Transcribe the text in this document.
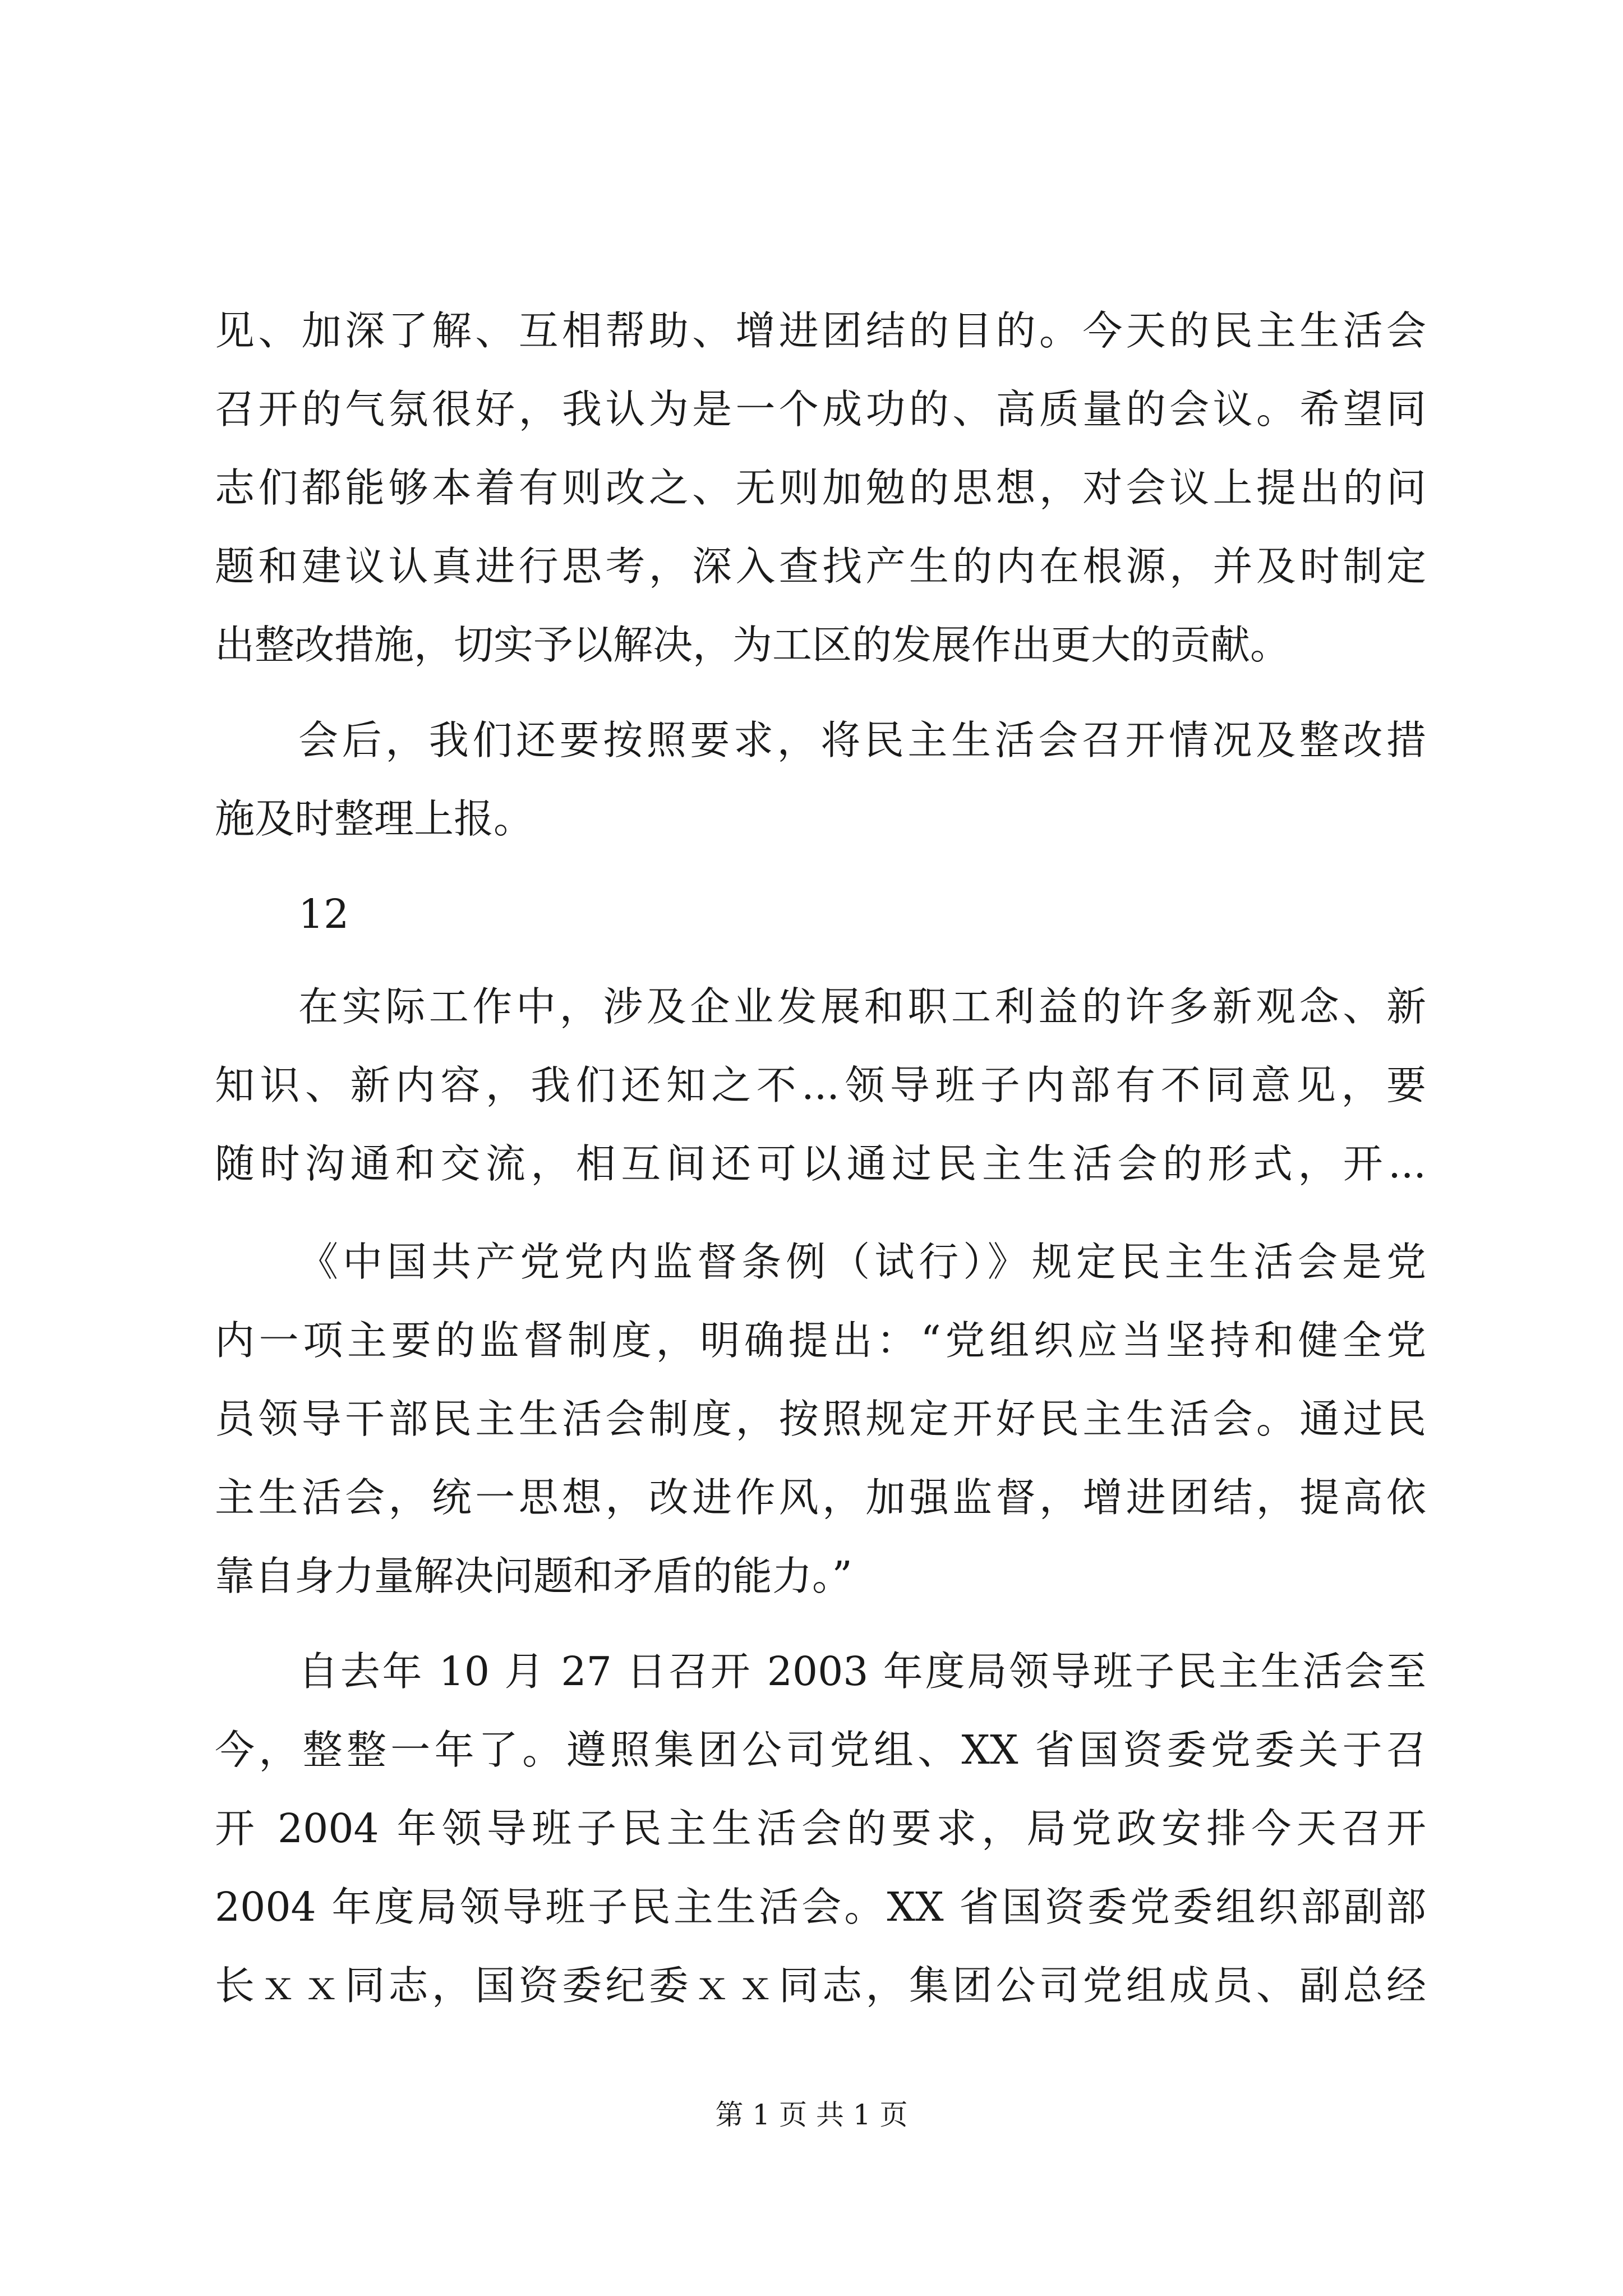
见、加深了解、互相帮助、增进团结的目的。今天的民主生活会
召开的气氛很好，我认为是一个成功的、高质量的会议。希望同
志们都能够本着有则改之、无则加勉的思想，对会议上提出的问
题和建议认真进行思考，深入查找产生的内在根源，并及时制定
出整改措施，切实予以解决，为工区的发展作出更大的贡献。
会后，我们还要按照要求，将民主生活会召开情况及整改措
施及时整理上报。
12
在实际工作中，涉及企业发展和职工利益的许多新观念、新
知识、新内容，我们还知之不...领导班子内部有不同意见，要
随时沟通和交流，相互间还可以通过民主生活会的形式，开...
《中国共产党党内监督条例（试行）》规定民主生活会是党
内一项主要的监督制度，明确提出：“党组织应当坚持和健全党
员领导干部民主生活会制度，按照规定开好民主生活会。通过民
主生活会，统一思想，改进作风，加强监督，增进团结，提高依
靠自身力量解决问题和矛盾的能力。”
自去年 10 月 27 日召开 2003 年度局领导班子民主生活会至
今，整整一年了。遵照集团公司党组、XX 省国资委党委关于召
开 2004 年领导班子民主生活会的要求，局党政安排今天召开
2004 年度局领导班子民主生活会。XX 省国资委党委组织部副部
长ｘｘ同志，国资委纪委ｘｘ同志，集团公司党组成员、副总经
第 1 页 共 1 页
